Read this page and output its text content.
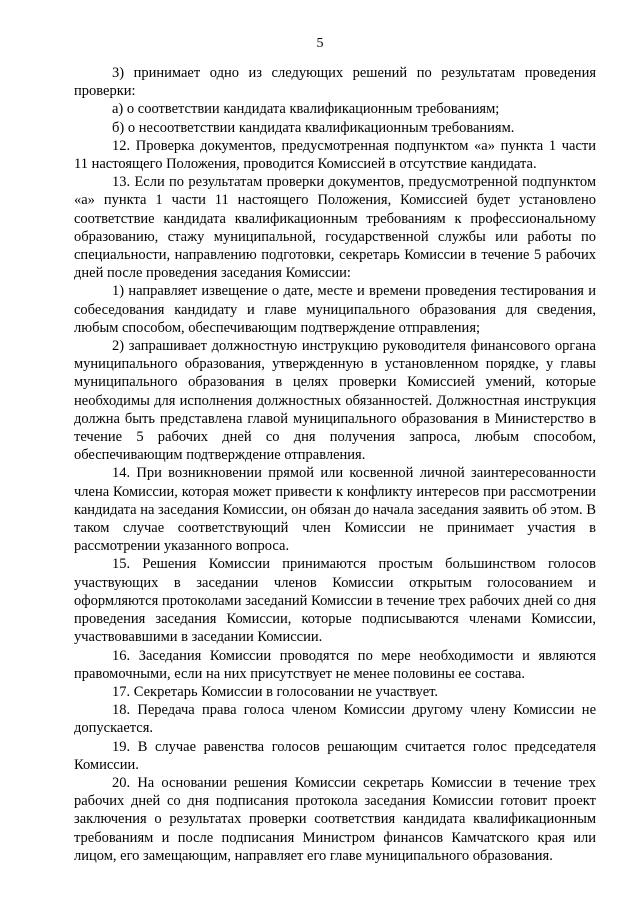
5

3) принимает одно из следующих решений по результатам проведения проверки:

а) о соответствии кандидата квалификационным требованиям;

б) о несоответствии кандидата квалификационным требованиям.

12. Проверка документов, предусмотренная подпунктом «а» пункта 1 части 11 настоящего Положения, проводится Комиссией в отсутствие кандидата.

13. Если по результатам проверки документов, предусмотренной подпунктом «а» пункта 1 части 11 настоящего Положения, Комиссией будет установлено соответствие кандидата квалификационным требованиям к профессиональному образованию, стажу муниципальной, государственной службы или работы по специальности, направлению подготовки, секретарь Комиссии в течение 5 рабочих дней после проведения заседания Комиссии:

1) направляет извещение о дате, месте и времени проведения тестирования и собеседования кандидату и главе муниципального образования для сведения, любым способом, обеспечивающим подтверждение отправления;

2) запрашивает должностную инструкцию руководителя финансового органа муниципального образования, утвержденную в установленном порядке, у главы муниципального образования в целях проверки Комиссией умений, которые необходимы для исполнения должностных обязанностей. Должностная инструкция должна быть представлена главой муниципального образования в Министерство в течение 5 рабочих дней со дня получения запроса, любым способом, обеспечивающим подтверждение отправления.

14. При возникновении прямой или косвенной личной заинтересованности члена Комиссии, которая может привести к конфликту интересов при рассмотрении кандидата на заседания Комиссии, он обязан до начала заседания заявить об этом. В таком случае соответствующий член Комиссии не принимает участия в рассмотрении указанного вопроса.

15. Решения Комиссии принимаются простым большинством голосов участвующих в заседании членов Комиссии открытым голосованием и оформляются протоколами заседаний Комиссии в течение трех рабочих дней со дня проведения заседания Комиссии, которые подписываются членами Комиссии, участвовавшими в заседании Комиссии.

16. Заседания Комиссии проводятся по мере необходимости и являются правомочными, если на них присутствует не менее половины ее состава.

17. Секретарь Комиссии в голосовании не участвует.

18. Передача права голоса членом Комиссии другому члену Комиссии не допускается.

19. В случае равенства голосов решающим считается голос председателя Комиссии.

20. На основании решения Комиссии секретарь Комиссии в течение трех рабочих дней со дня подписания протокола заседания Комиссии готовит проект заключения о результатах проверки соответствия кандидата квалификационным требованиям и после подписания Министром финансов Камчатского края или лицом, его замещающим, направляет его главе муниципального образования.
